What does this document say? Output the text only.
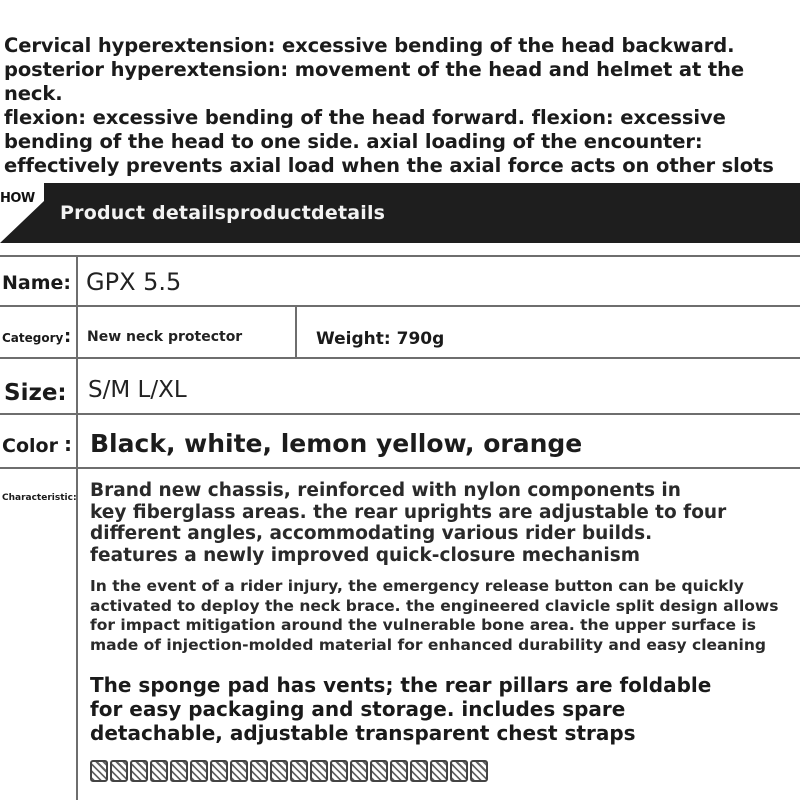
Cervical hyperextension: excessive bending of the head backward.
posterior hyperextension: movement of the head and helmet at the neck.
flexion: excessive bending of the head forward. flexion: excessive
bending of the head to one side. axial loading of the encounter:
effectively prevents axial load when the axial force acts on other slots
HOW
Product detailsproductdetails
Name: GPX 5.5
Category : New neck protector	Weight: 790g
Size: S/M L/XL
Color : Black, white, lemon yellow, orange
Characteristic: Brand new chassis, reinforced with nylon components in
key fiberglass areas. the rear uprights are adjustable to four
different angles, accommodating various rider builds.
features a newly improved quick-closure mechanism
In the event of a rider injury, the emergency release button can be quickly
activated to deploy the neck brace. the engineered clavicle split design allows
for impact mitigation around the vulnerable bone area. the upper surface is
made of injection-molded material for enhanced durability and easy cleaning
The sponge pad has vents; the rear pillars are foldable
for easy packaging and storage. includes spare
detachable, adjustable transparent chest straps
